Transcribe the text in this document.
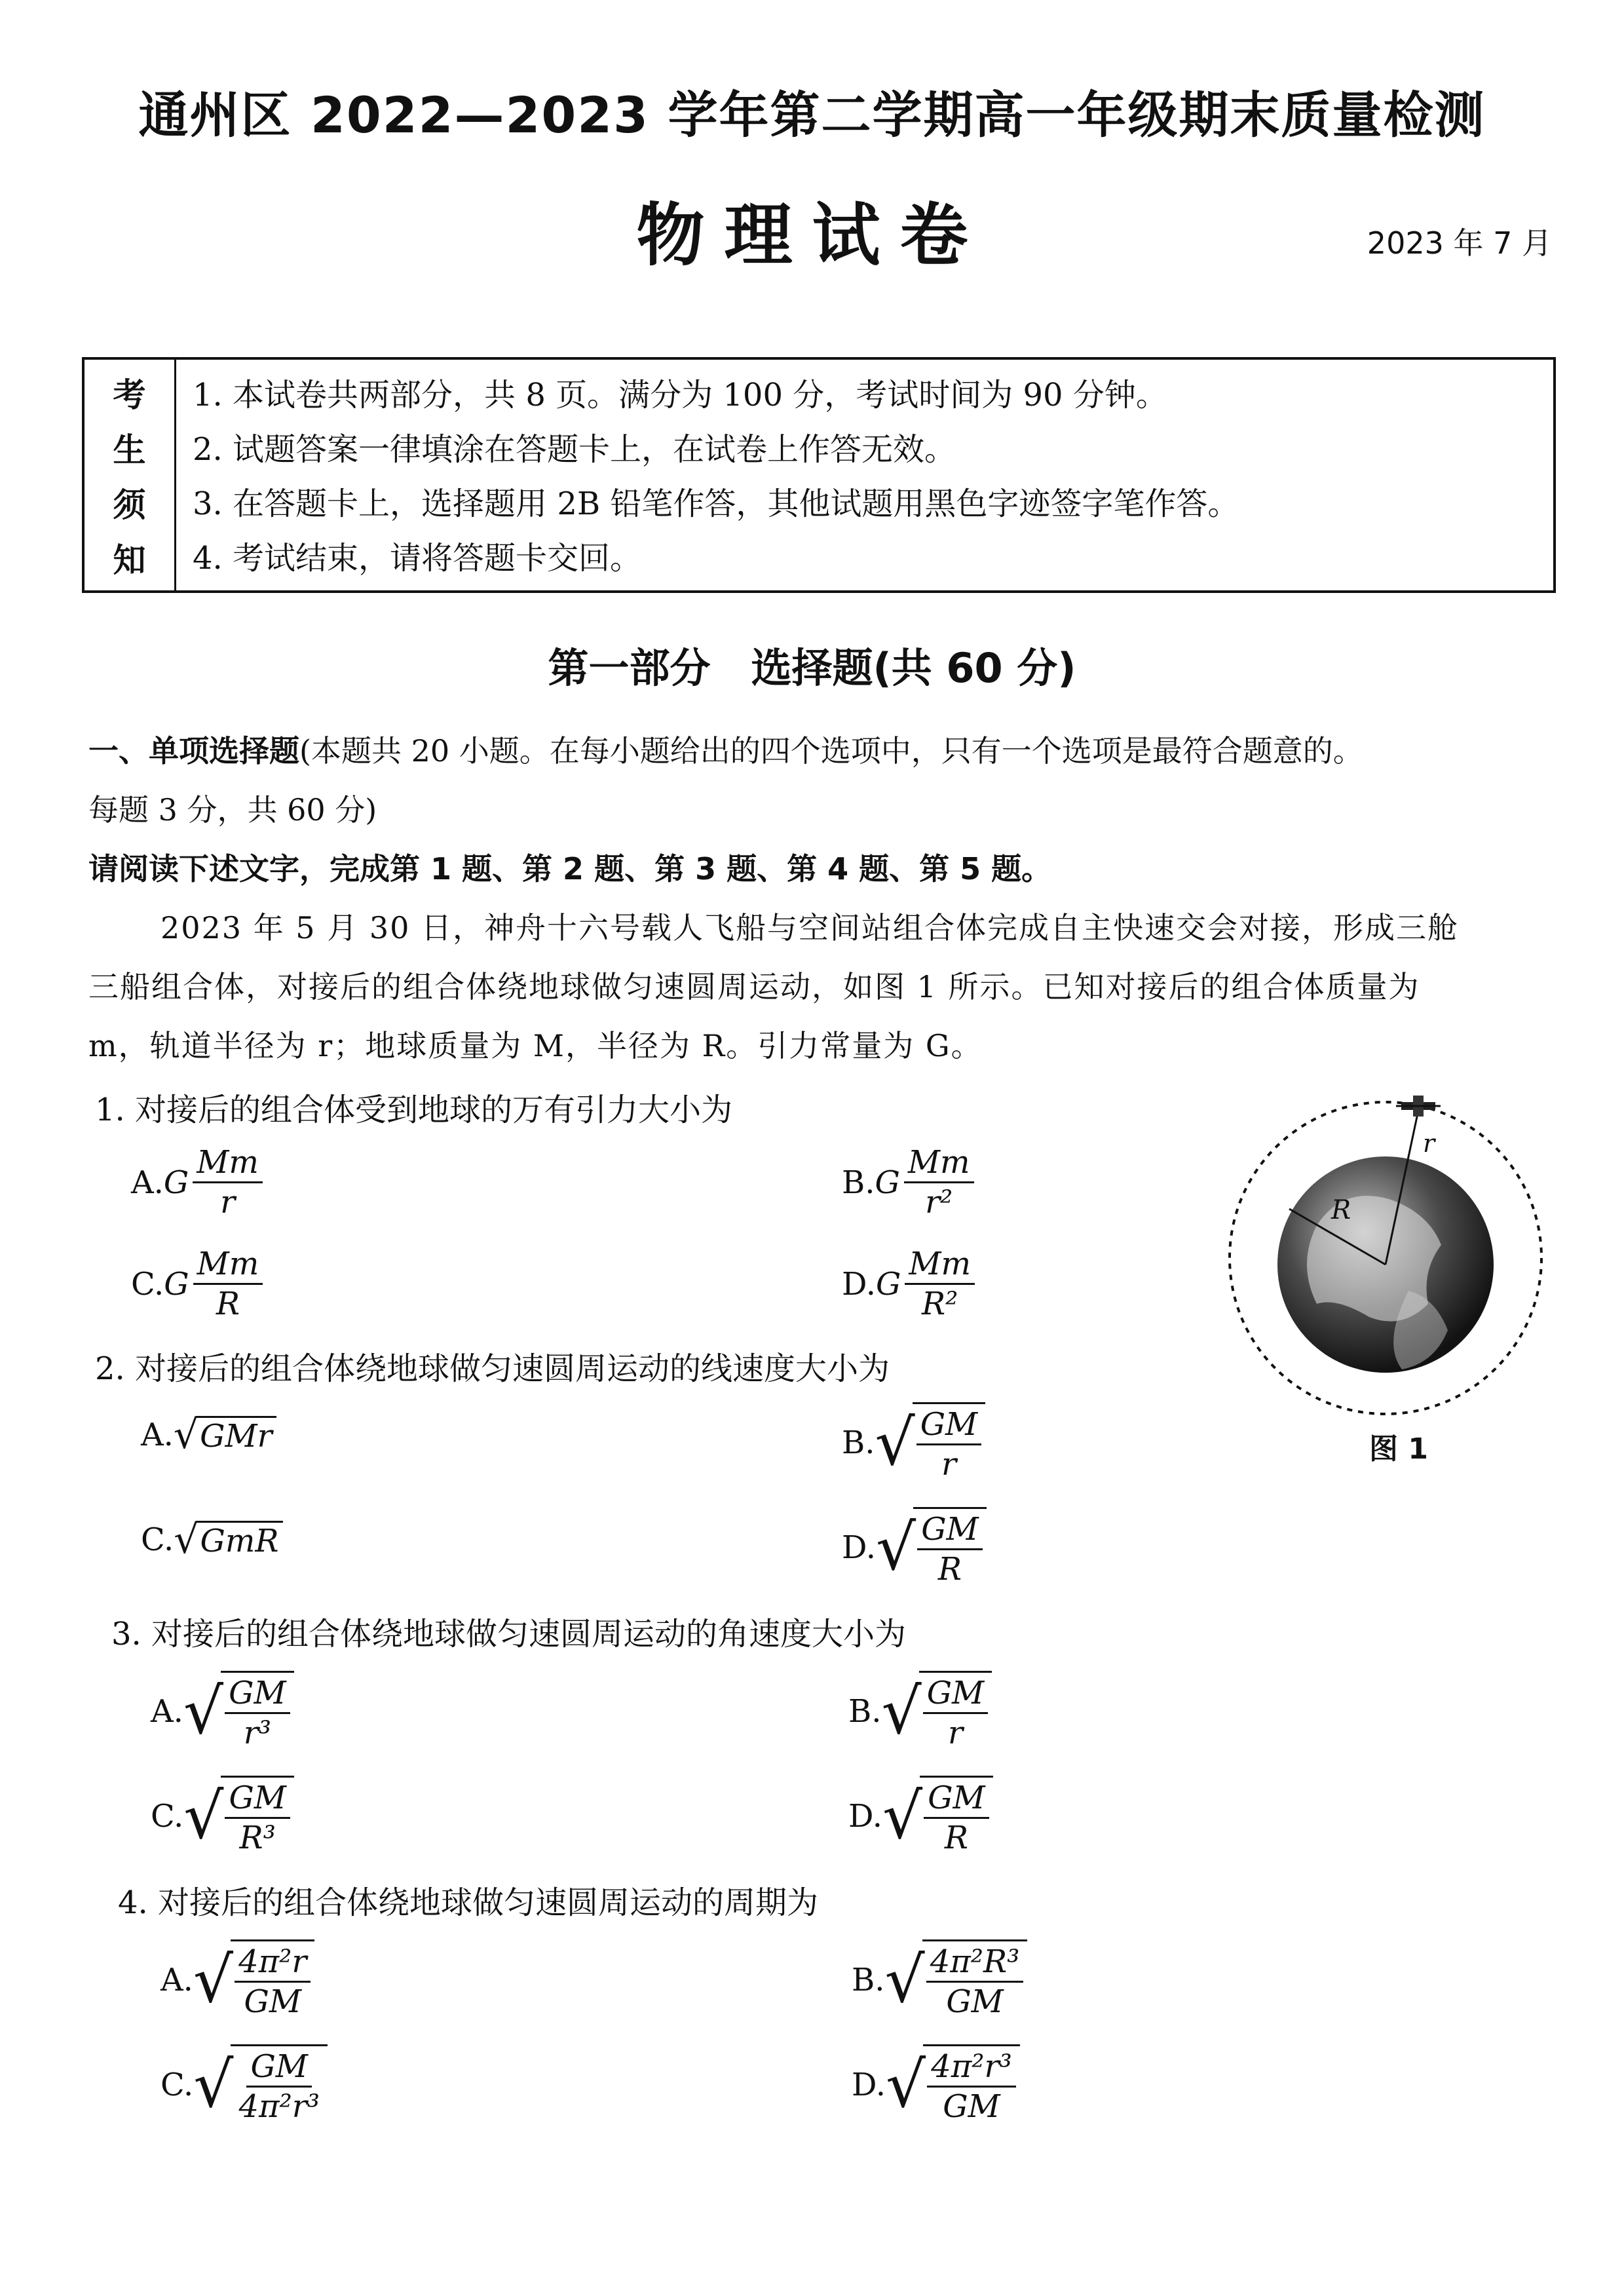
通州区 2022—2023 学年第二学期高一年级期末质量检测
物理试卷	2023 年 7 月
考
生
须
知
1. 本试卷共两部分，共 8 页。满分为 100 分，考试时间为 90 分钟。
2. 试题答案一律填涂在答题卡上，在试卷上作答无效。
3. 在答题卡上，选择题用 2B 铅笔作答，其他试题用黑色字迹签字笔作答。
4. 考试结束，请将答题卡交回。
第一部分　选择题(共 60 分)
一、单项选择题(本题共 20 小题。在每小题给出的四个选项中，只有一个选项是最符合题意的。
每题 3 分，共 60 分)
请阅读下述文字，完成第 1 题、第 2 题、第 3 题、第 4 题、第 5 题。
2023 年 5 月 30 日，神舟十六号载人飞船与空间站组合体完成自主快速交会对接，形成三舱
三船组合体，对接后的组合体绕地球做匀速圆周运动，如图 1 所示。已知对接后的组合体质量为
m，轨道半径为 r；地球质量为 M，半径为 R。引力常量为 G。
1. 对接后的组合体受到地球的万有引力大小为
A. G $\frac{Mm}{r}$	B. G $\frac{Mm}{\text{r²}}$
C. G $\frac{Mm}{R}$	D. G $\frac{Mm}{\text{R²}}$
2. 对接后的组合体绕地球做匀速圆周运动的线速度大小为
A. √ GMr	B. √ $\frac{GM}{r}$
C. √ GmR	D. √ $\frac{GM}{R}$
3. 对接后的组合体绕地球做匀速圆周运动的角速度大小为
A. √ $\frac{GM}{\text{r³}}$	B. √ $\frac{GM}{r}$
C. √ $\frac{GM}{\text{R³}}$	D. √ $\frac{GM}{R}$
4. 对接后的组合体绕地球做匀速圆周运动的周期为
A. √ $\frac{\text{4π²r}}{GM}$	B. √ $\frac{\text{4π²R³}}{GM}$
C. √ $\frac{GM}{\text{4π²r³}}$	D. √ $\frac{\text{4π²r³}}{GM}$
R
r
图 1
